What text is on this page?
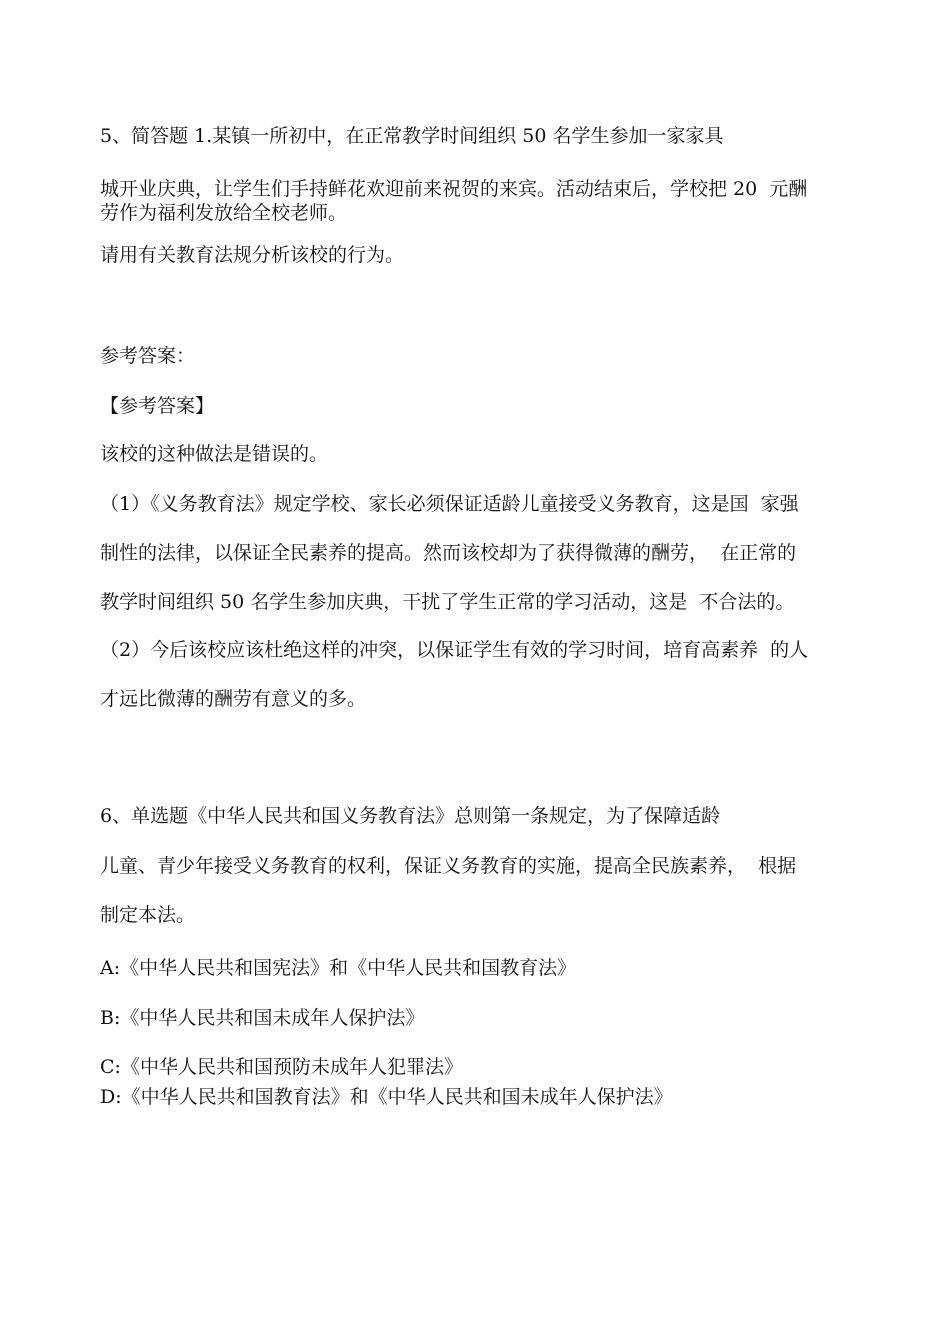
5、简答题 1.某镇一所初中，在正常教学时间组织 50 名学生参加一家家具

城开业庆典，让学生们手持鲜花欢迎前来祝贺的来宾。活动结束后，学校把 20  元酬

劳作为福利发放给全校老师。

请用有关教育法规分析该校的行为。

参考答案：

【参考答案】

该校的这种做法是错误的。

（1）《义务教育法》规定学校、家长必须保证适龄儿童接受义务教育，这是国  家强

制性的法律，以保证全民素养的提高。然而该校却为了获得微薄的酬劳，  在正常的

教学时间组织 50 名学生参加庆典，干扰了学生正常的学习活动，这是  不合法的。

（2）今后该校应该杜绝这样的冲突，以保证学生有效的学习时间，培育高素养  的人

才远比微薄的酬劳有意义的多。

6、单选题《中华人民共和国义务教育法》总则第一条规定，为了保障适龄

儿童、青少年接受义务教育的权利，保证义务教育的实施，提高全民族素养，  根据

制定本法。

A:《中华人民共和国宪法》和《中华人民共和国教育法》

B:《中华人民共和国未成年人保护法》

C:《中华人民共和国预防未成年人犯罪法》

D:《中华人民共和国教育法》和《中华人民共和国未成年人保护法》
